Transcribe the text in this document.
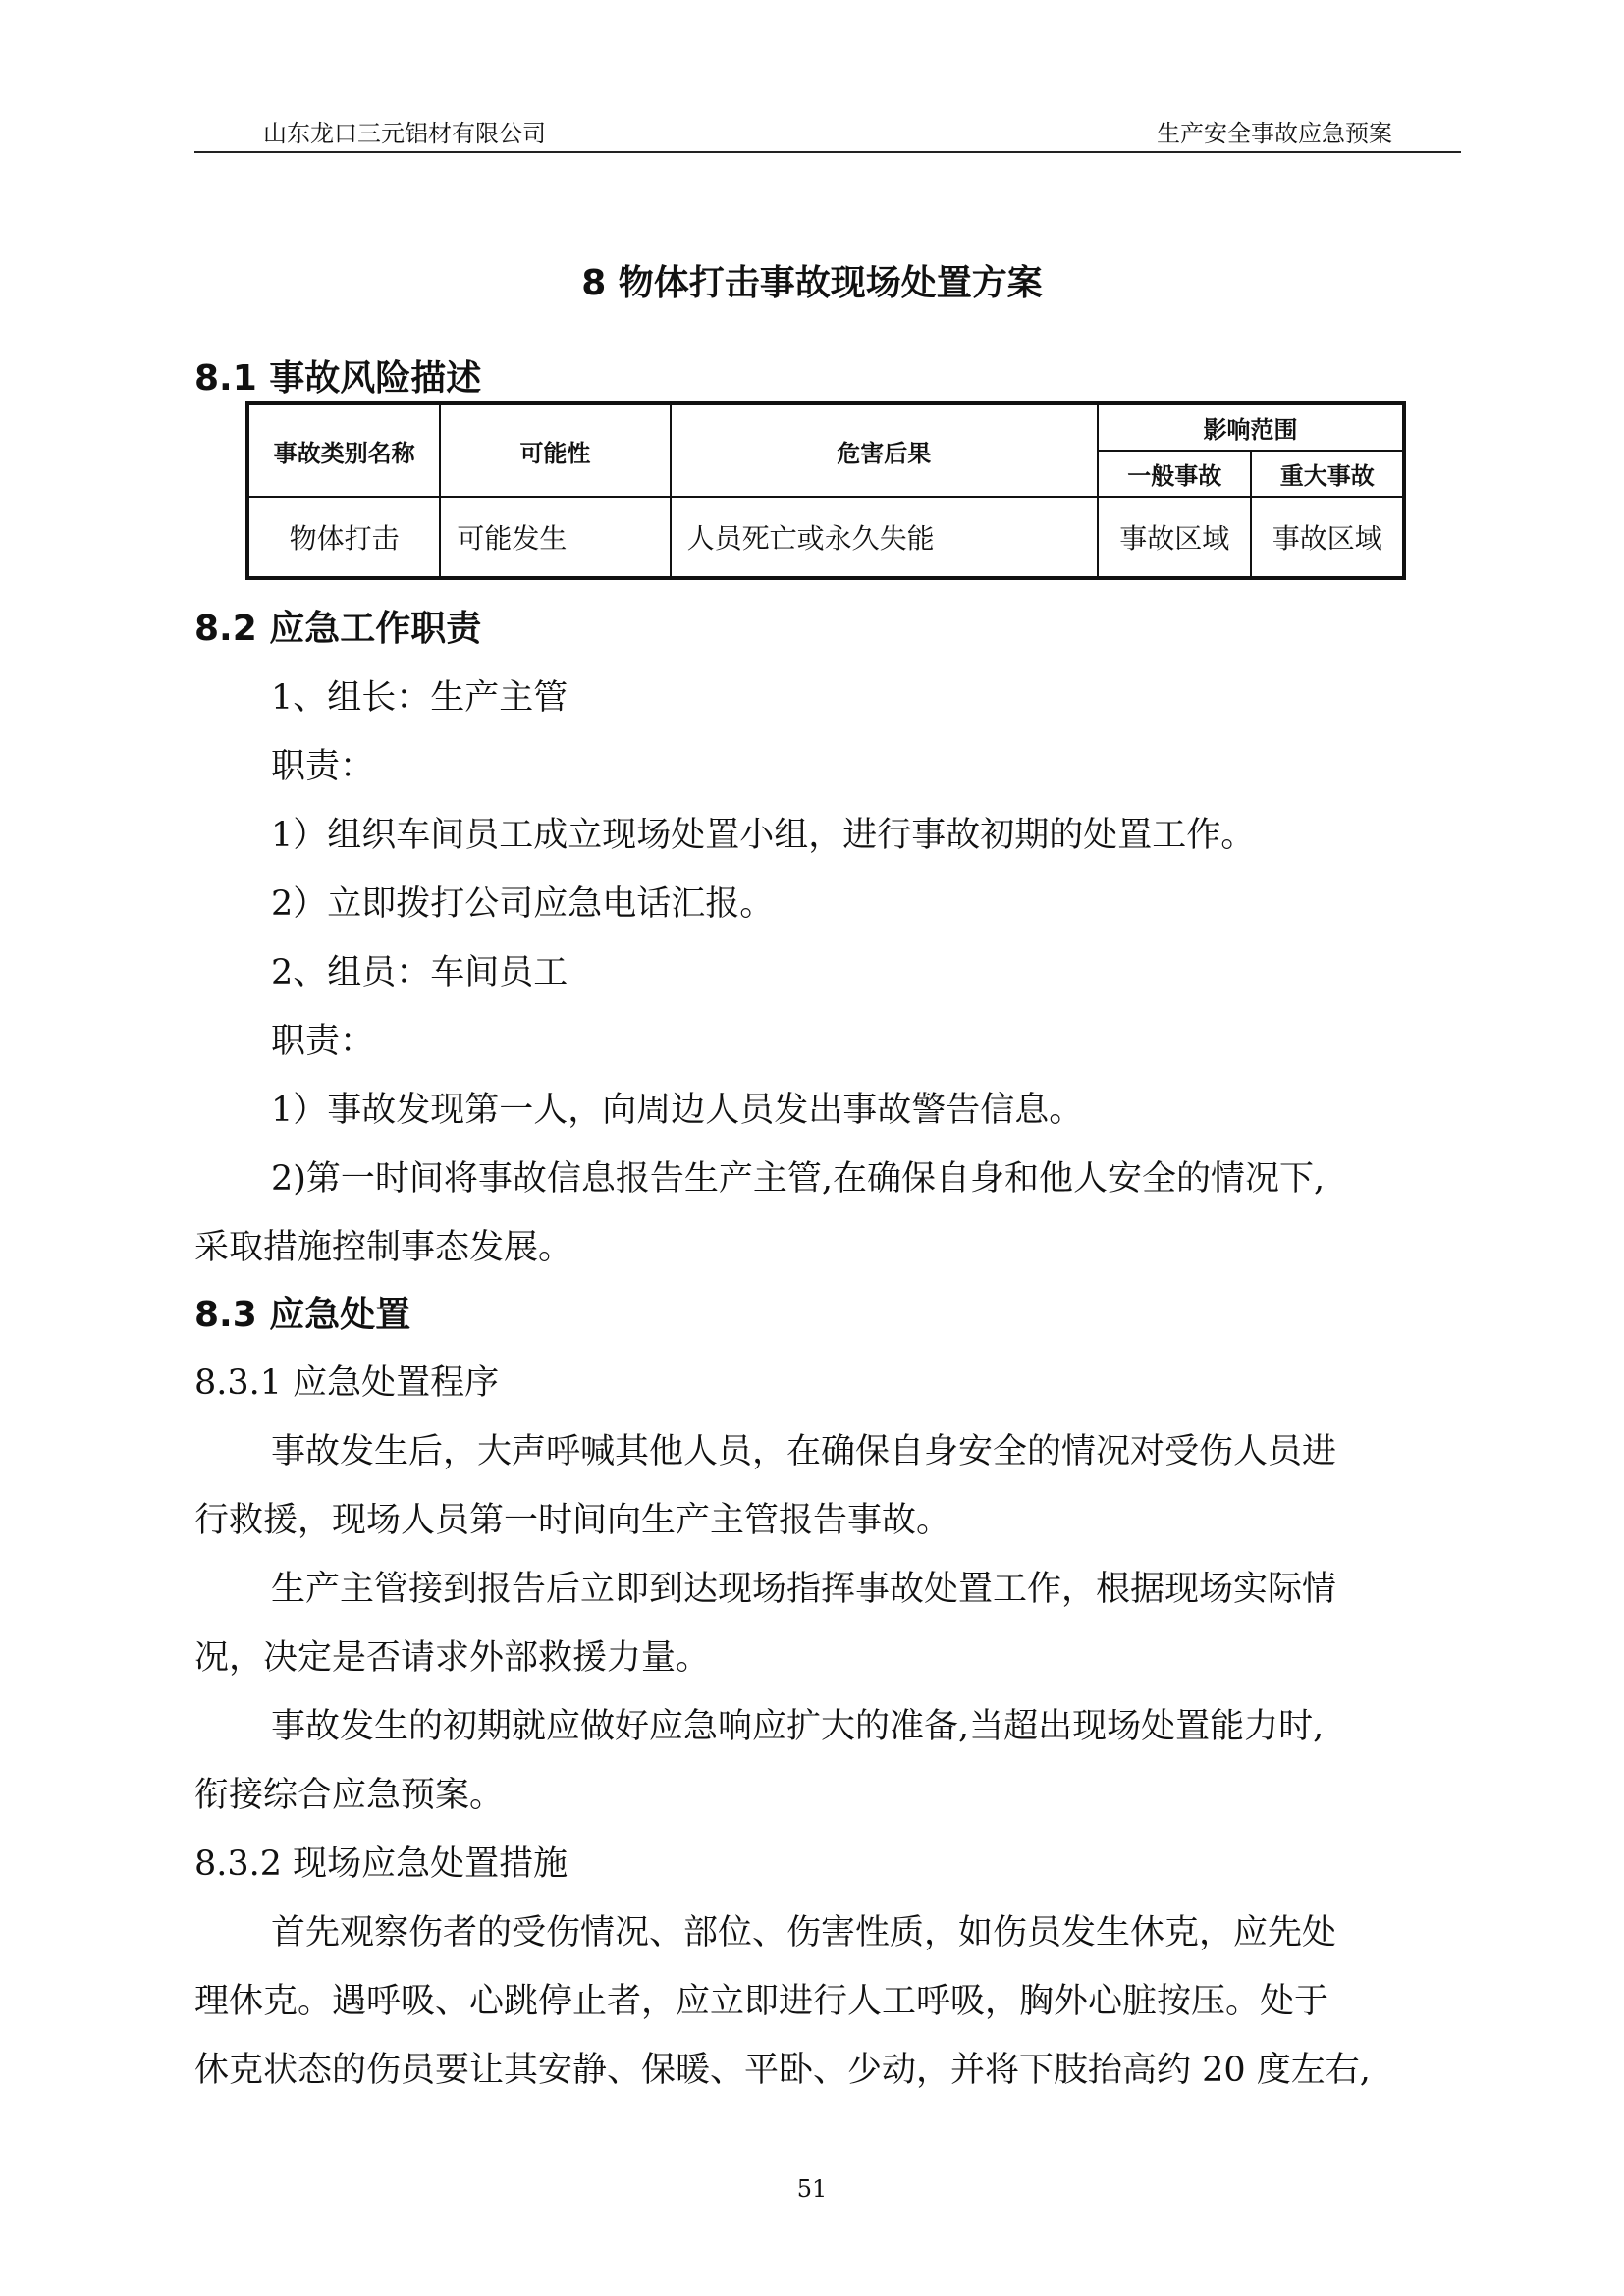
山东龙口三元铝材有限公司	生产安全事故应急预案
8 物体打击事故现场处置方案
8.1 事故风险描述
事故类别名称	可能性	危害后果	影响范围	
			一般事故	重大事故
物体打击	可能发生	人员死亡或永久失能	事故区域	事故区域
8.2 应急工作职责
1、组长：生产主管
职责：
1）组织车间员工成立现场处置小组，进行事故初期的处置工作。
2）立即拨打公司应急电话汇报。
2、组员：车间员工
职责：
1）事故发现第一人，向周边人员发出事故警告信息。
2)第一时间将事故信息报告生产主管,在确保自身和他人安全的情况下,
采取措施控制事态发展。
8.3 应急处置
8.3.1 应急处置程序
事故发生后，大声呼喊其他人员，在确保自身安全的情况对受伤人员进
行救援，现场人员第一时间向生产主管报告事故。
生产主管接到报告后立即到达现场指挥事故处置工作，根据现场实际情
况，决定是否请求外部救援力量。
事故发生的初期就应做好应急响应扩大的准备,当超出现场处置能力时,
衔接综合应急预案。
8.3.2 现场应急处置措施
首先观察伤者的受伤情况、部位、伤害性质，如伤员发生休克，应先处
理休克。遇呼吸、心跳停止者，应立即进行人工呼吸，胸外心脏按压。处于
休克状态的伤员要让其安静、保暖、平卧、少动，并将下肢抬高约 20 度左右,
51
